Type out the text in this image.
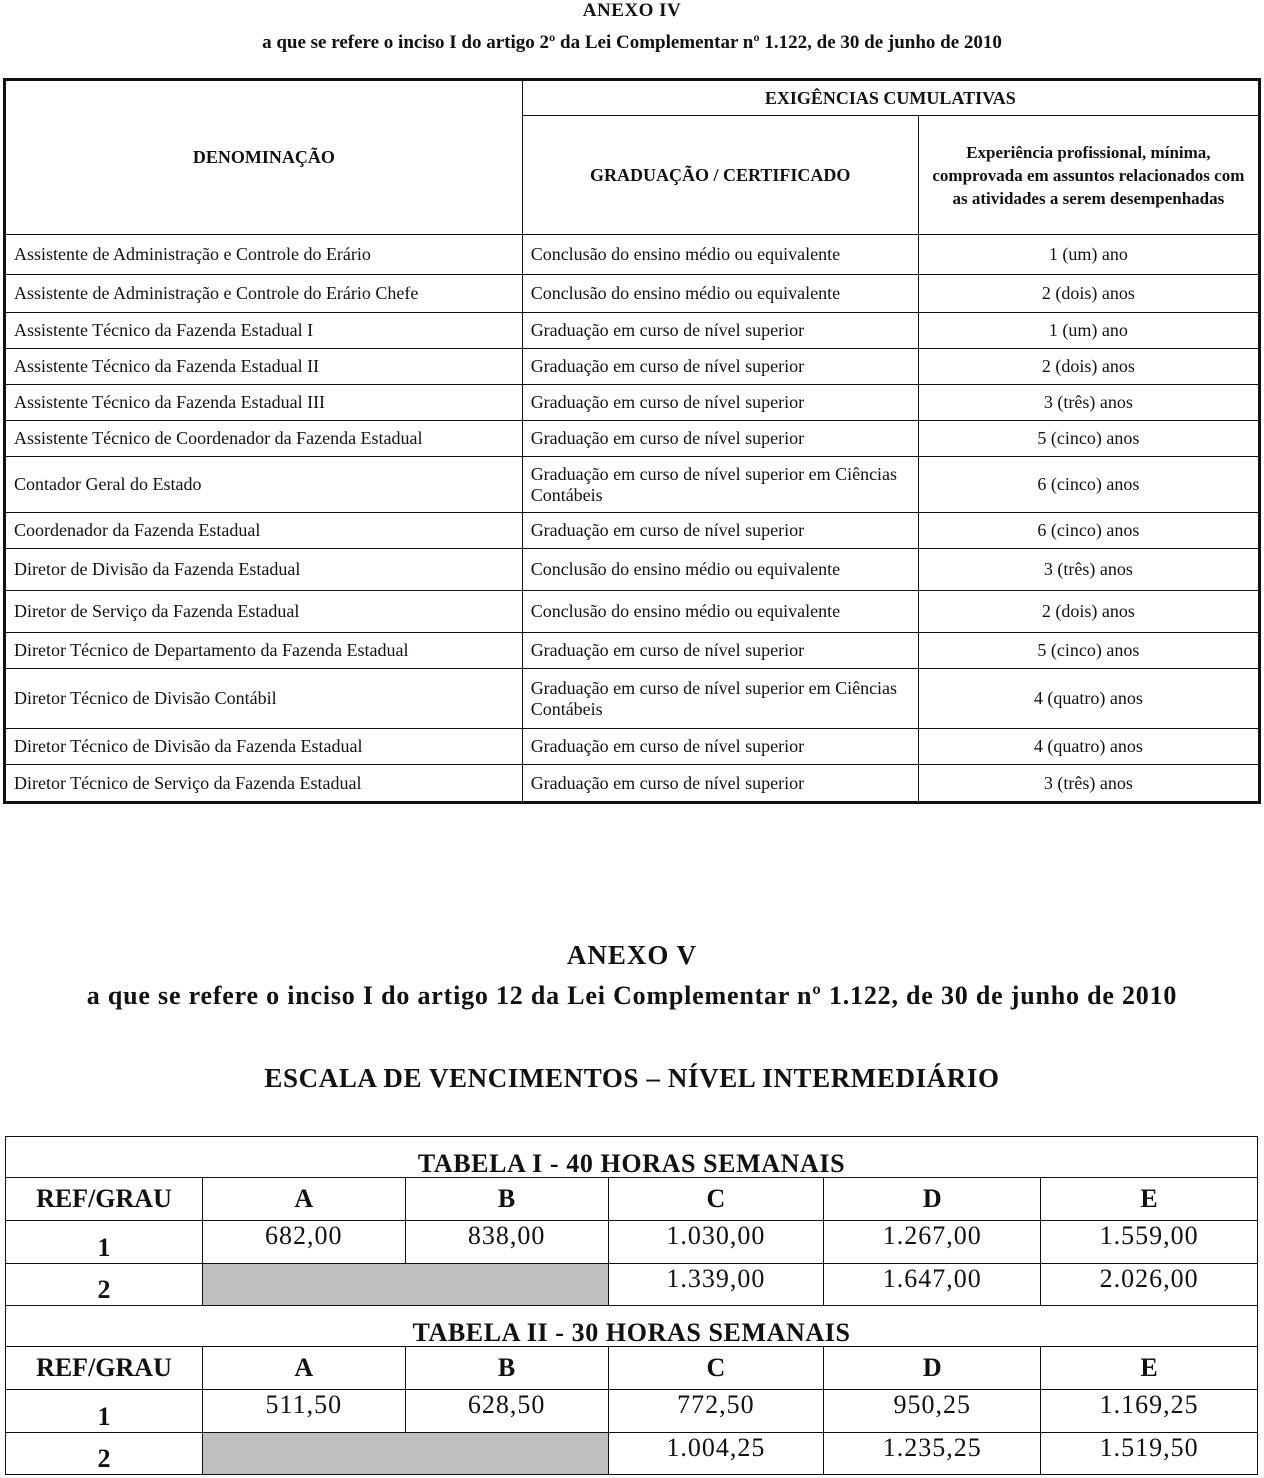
ANEXO IV
a que se refere o inciso I do artigo 2º da Lei Complementar nº 1.122, de 30 de junho de 2010
DENOMINAÇÃO	EXIGÊNCIAS CUMULATIVAS	
	GRADUAÇÃO / CERTIFICADO	Experiência profissional, mínima, comprovada em assuntos relacionados com as atividades a serem desempenhadas
Assistente de Administração e Controle do Erário	Conclusão do ensino médio ou equivalente	1 (um) ano
Assistente de Administração e Controle do Erário Chefe	Conclusão do ensino médio ou equivalente	2 (dois) anos
Assistente Técnico da Fazenda Estadual I	Graduação em curso de nível superior	1 (um) ano
Assistente Técnico da Fazenda Estadual II	Graduação em curso de nível superior	2 (dois) anos
Assistente Técnico da Fazenda Estadual III	Graduação em curso de nível superior	3 (três) anos
Assistente Técnico de Coordenador da Fazenda Estadual	Graduação em curso de nível superior	5 (cinco) anos
Contador Geral do Estado	Graduação em curso de nível superior em Ciências Contábeis	6 (cinco) anos
Coordenador da Fazenda Estadual	Graduação em curso de nível superior	6 (cinco) anos
Diretor de Divisão da Fazenda Estadual	Conclusão do ensino médio ou equivalente	3 (três) anos
Diretor de Serviço da Fazenda Estadual	Conclusão do ensino médio ou equivalente	2 (dois) anos
Diretor Técnico de Departamento da Fazenda Estadual	Graduação em curso de nível superior	5 (cinco) anos
Diretor Técnico de Divisão Contábil	Graduação em curso de nível superior em Ciências Contábeis	4 (quatro) anos
Diretor Técnico de Divisão da Fazenda Estadual	Graduação em curso de nível superior	4 (quatro) anos
Diretor Técnico de Serviço da Fazenda Estadual	Graduação em curso de nível superior	3 (três) anos
ANEXO V
a que se refere o inciso I do artigo 12 da Lei Complementar nº 1.122, de 30 de junho de 2010
ESCALA DE VENCIMENTOS – NÍVEL INTERMEDIÁRIO
TABELA I - 40 HORAS SEMANAIS					
REF/GRAU	A	B	C	D	E
1	682,00	838,00	1.030,00	1.267,00	1.559,00
2			1.339,00	1.647,00	2.026,00
TABELA II - 30 HORAS SEMANAIS					
REF/GRAU	A	B	C	D	E
1	511,50	628,50	772,50	950,25	1.169,25
2			1.004,25	1.235,25	1.519,50
